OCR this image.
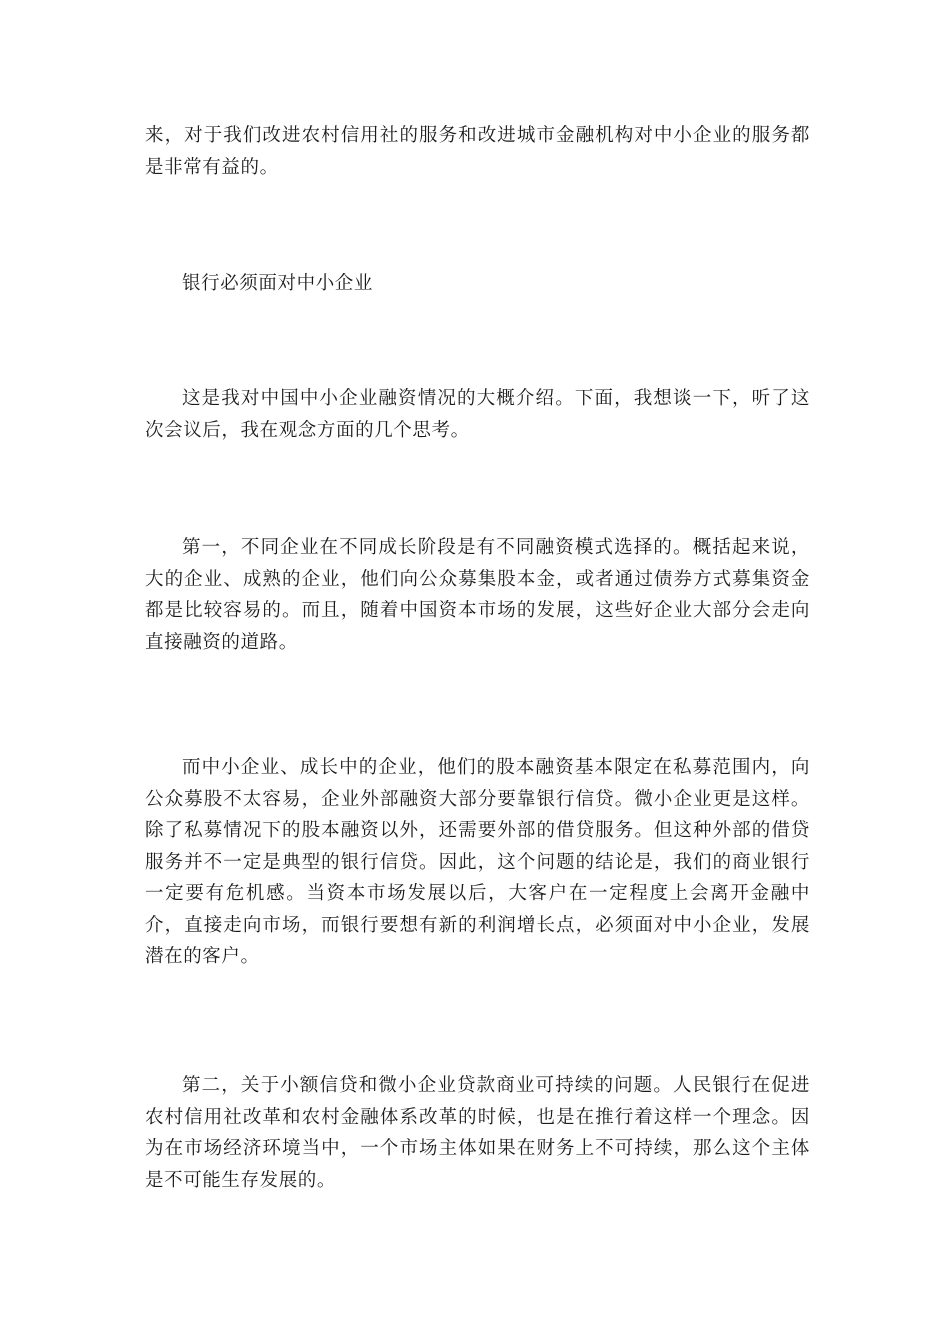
来，对于我们改进农村信用社的服务和改进城市金融机构对中小企业的服务都是非常有益的。

银行必须面对中小企业

这是我对中国中小企业融资情况的大概介绍。下面，我想谈一下，听了这次会议后，我在观念方面的几个思考。

第一，不同企业在不同成长阶段是有不同融资模式选择的。概括起来说，大的企业、成熟的企业，他们向公众募集股本金，或者通过债券方式募集资金都是比较容易的。而且，随着中国资本市场的发展，这些好企业大部分会走向直接融资的道路。

而中小企业、成长中的企业，他们的股本融资基本限定在私募范围内，向公众募股不太容易，企业外部融资大部分要靠银行信贷。微小企业更是这样。除了私募情况下的股本融资以外，还需要外部的借贷服务。但这种外部的借贷服务并不一定是典型的银行信贷。因此，这个问题的结论是，我们的商业银行一定要有危机感。当资本市场发展以后，大客户在一定程度上会离开金融中介，直接走向市场，而银行要想有新的利润增长点，必须面对中小企业，发展潜在的客户。

第二，关于小额信贷和微小企业贷款商业可持续的问题。人民银行在促进农村信用社改革和农村金融体系改革的时候，也是在推行着这样一个理念。因为在市场经济环境当中，一个市场主体如果在财务上不可持续，那么这个主体是不可能生存发展的。
